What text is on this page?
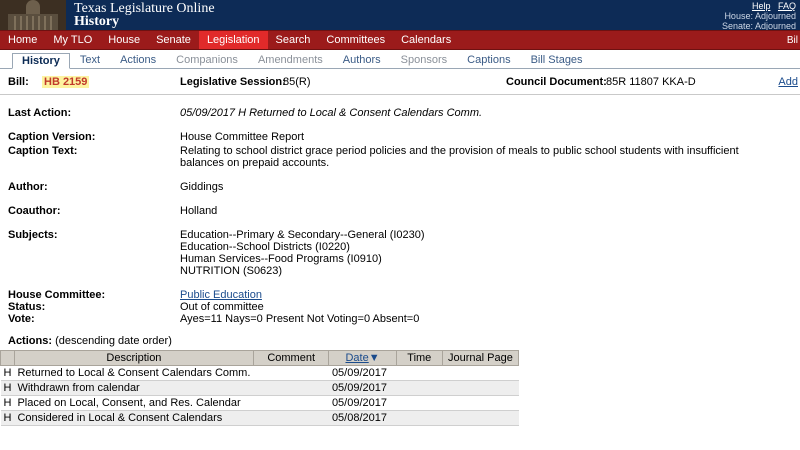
Texas Legislature Online
History
Help FAQ
House: Adjourned
Senate: Adjourned
Home	My TLO	House	Senate	Legislation	Search	Committees	Calendars	Bil
History	Text	Actions	Companions	Amendments	Authors	Sponsors	Captions	Bill Stages
Bill: HB 2159	Legislative Session:
85(R)	Council Document: 85R 11807 KKA-D	Add
Last Action:	05/09/2017 H Returned to Local & Consent Calendars Comm.
Caption Version:	House Committee Report
Caption Text:	Relating to school district grace period policies and the provision of meals to public school students with insufficient balances on prepaid accounts.
Author:	Giddings
Coauthor:	Holland
Subjects:	Education--Primary & Secondary--General (I0230)
Education--School Districts (I0220)
Human Services--Food Programs (I0910)
NUTRITION (S0623)
House Committee:	Public Education
Status:	Out of committee
Vote:	Ayes=11 Nays=0 Present Not Voting=0 Absent=0
Actions: (descending date order)
	Description	Comment	Date▼	Time	Journal Page
H	Returned to Local & Consent Calendars Comm.		05/09/2017		
H	Withdrawn from calendar		05/09/2017		
H	Placed on Local, Consent, and Res. Calendar		05/09/2017		
H	Considered in Local & Consent Calendars		05/08/2017		
